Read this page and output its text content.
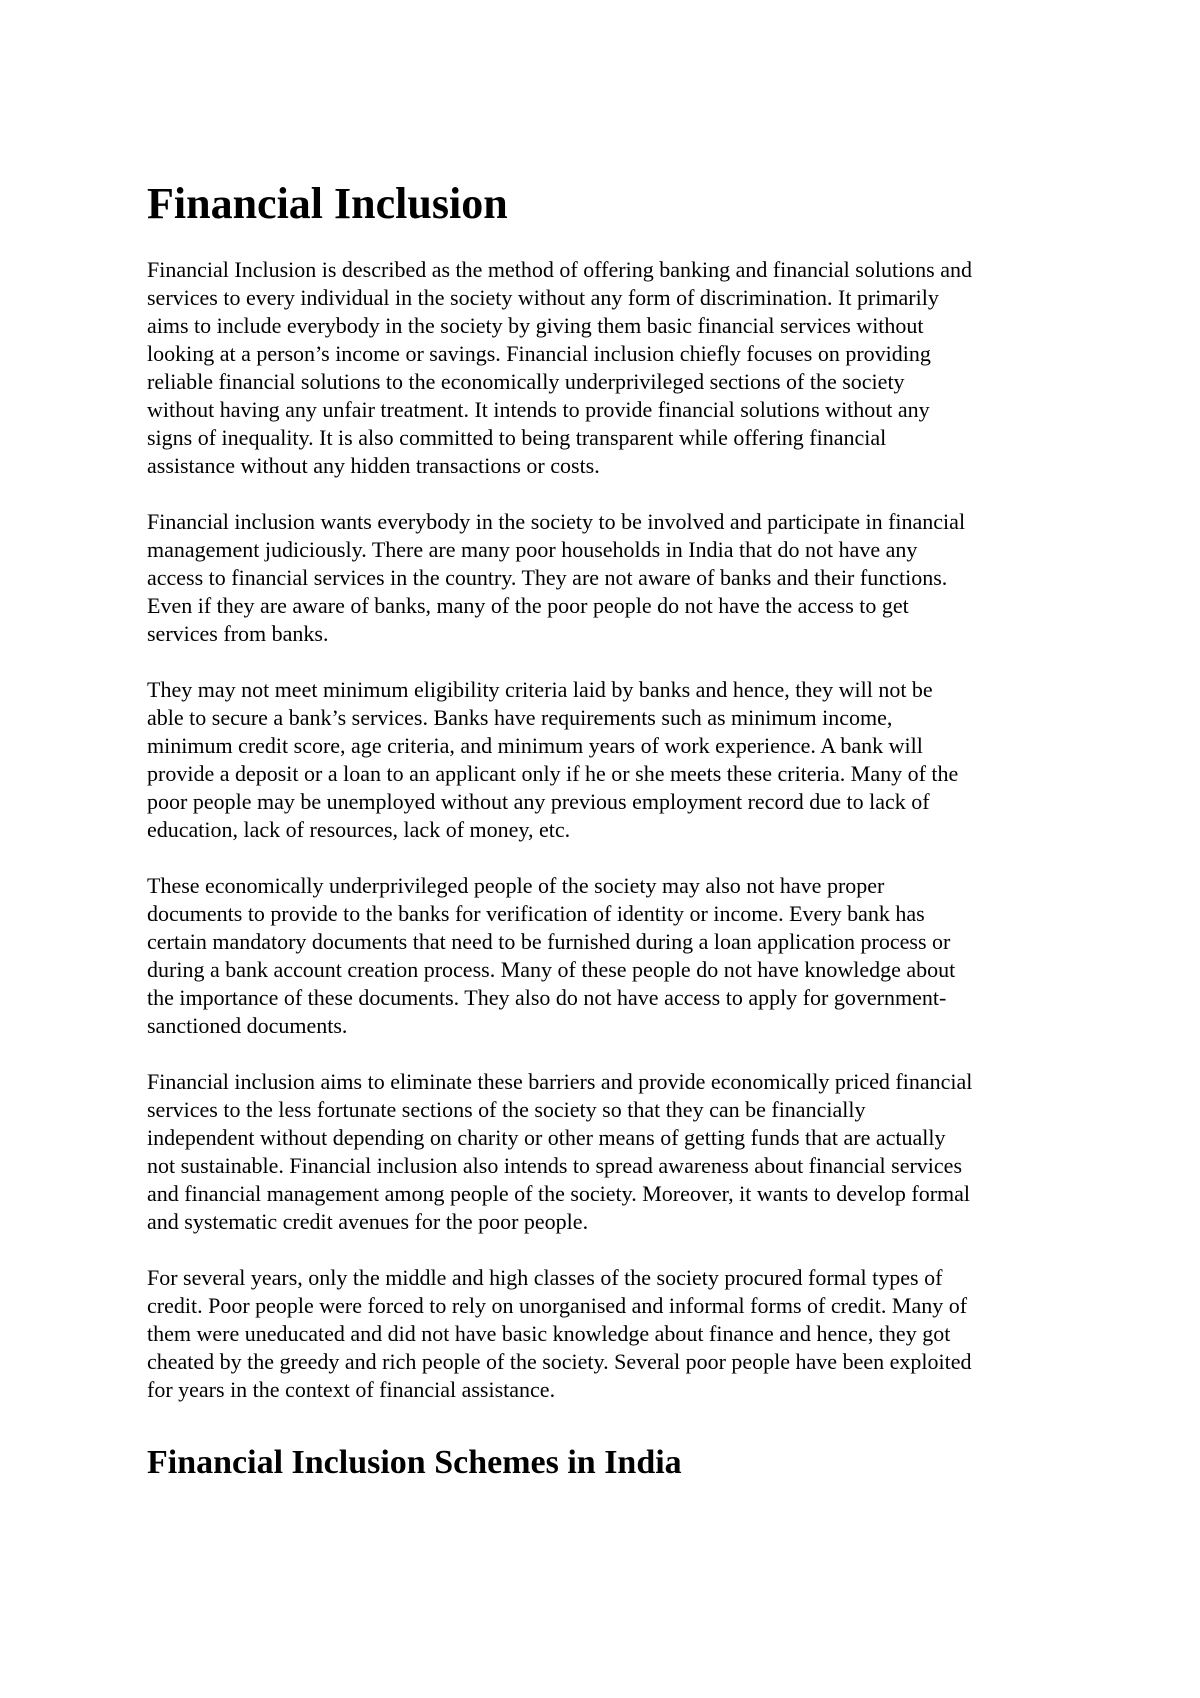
Financial Inclusion

Financial Inclusion is described as the method of offering banking and financial solutions and
services to every individual in the society without any form of discrimination. It primarily
aims to include everybody in the society by giving them basic financial services without
looking at a person’s income or savings. Financial inclusion chiefly focuses on providing
reliable financial solutions to the economically underprivileged sections of the society
without having any unfair treatment. It intends to provide financial solutions without any
signs of inequality. It is also committed to being transparent while offering financial
assistance without any hidden transactions or costs.

Financial inclusion wants everybody in the society to be involved and participate in financial
management judiciously. There are many poor households in India that do not have any
access to financial services in the country. They are not aware of banks and their functions.
Even if they are aware of banks, many of the poor people do not have the access to get
services from banks.

They may not meet minimum eligibility criteria laid by banks and hence, they will not be
able to secure a bank’s services. Banks have requirements such as minimum income,
minimum credit score, age criteria, and minimum years of work experience. A bank will
provide a deposit or a loan to an applicant only if he or she meets these criteria. Many of the
poor people may be unemployed without any previous employment record due to lack of
education, lack of resources, lack of money, etc.

These economically underprivileged people of the society may also not have proper
documents to provide to the banks for verification of identity or income. Every bank has
certain mandatory documents that need to be furnished during a loan application process or
during a bank account creation process. Many of these people do not have knowledge about
the importance of these documents. They also do not have access to apply for government-
sanctioned documents.

Financial inclusion aims to eliminate these barriers and provide economically priced financial
services to the less fortunate sections of the society so that they can be financially
independent without depending on charity or other means of getting funds that are actually
not sustainable. Financial inclusion also intends to spread awareness about financial services
and financial management among people of the society. Moreover, it wants to develop formal
and systematic credit avenues for the poor people.

For several years, only the middle and high classes of the society procured formal types of
credit. Poor people were forced to rely on unorganised and informal forms of credit. Many of
them were uneducated and did not have basic knowledge about finance and hence, they got
cheated by the greedy and rich people of the society. Several poor people have been exploited
for years in the context of financial assistance.

Financial Inclusion Schemes in India
